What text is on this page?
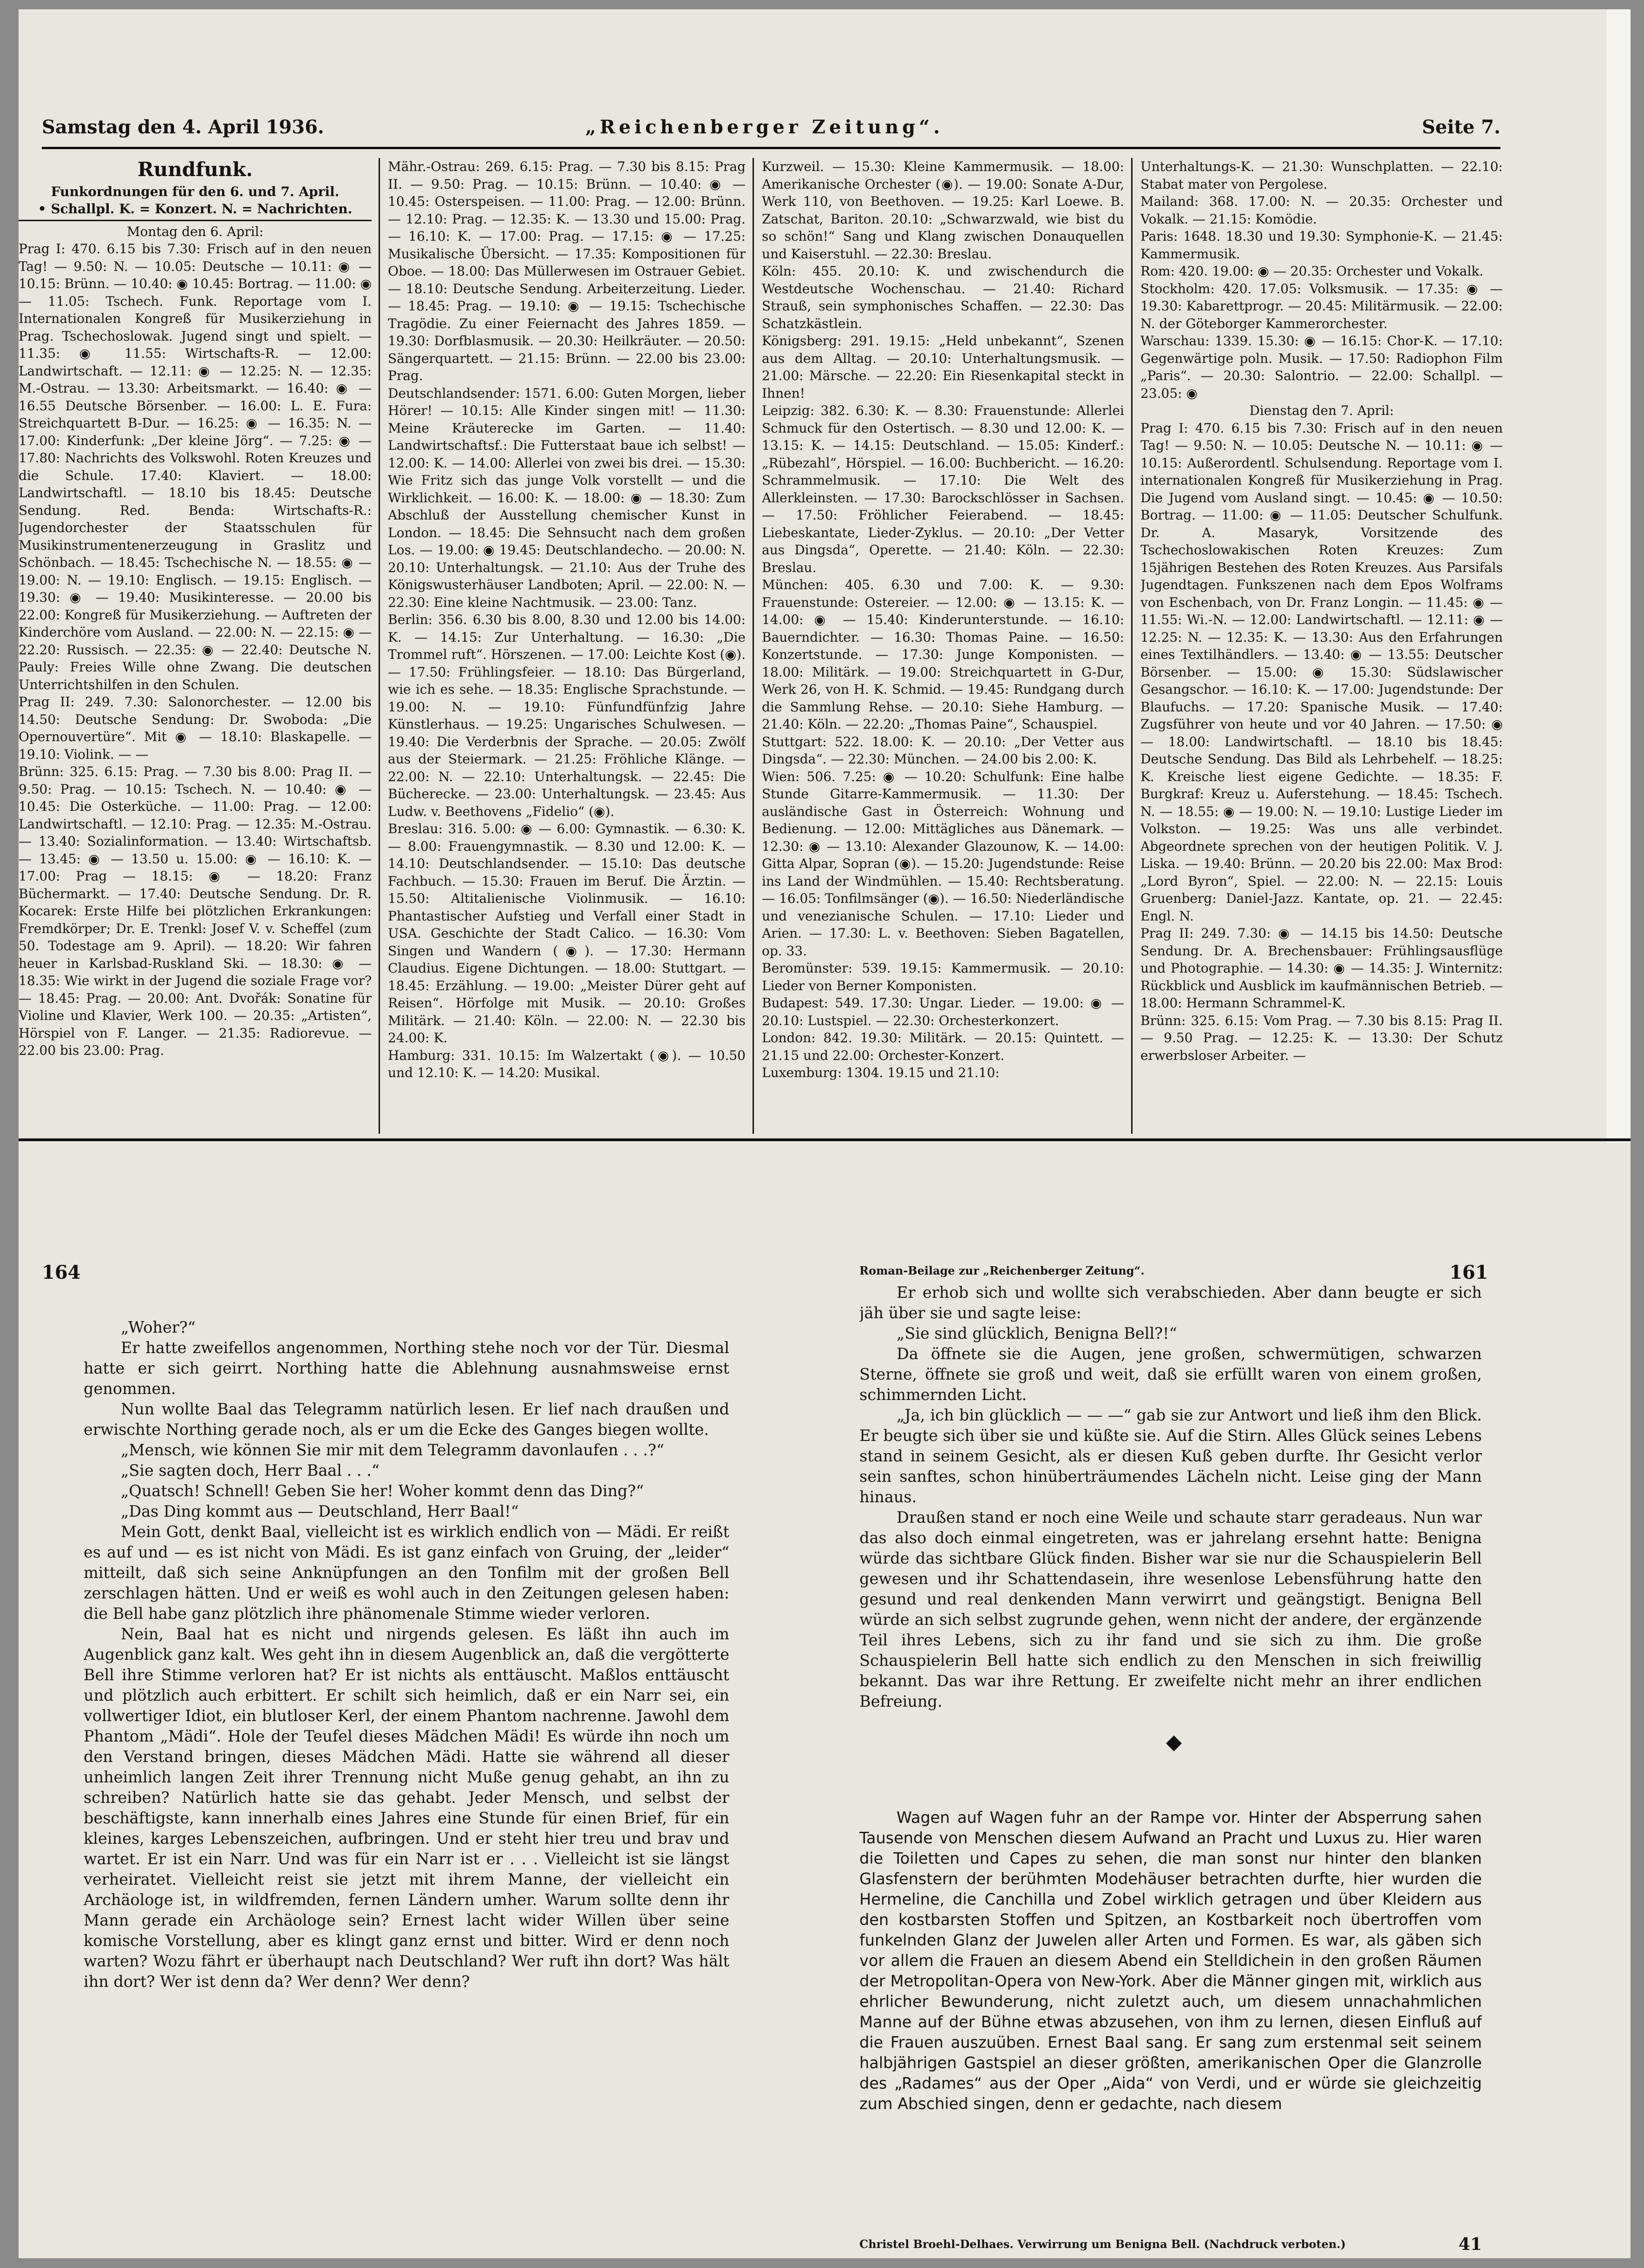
Samstag den 4. April 1936.	„Reichenberger Zeitung“.	Seite 7.
Rundfunk.
Funkordnungen für den 6. und 7. April.
• Schallpl. K. = Konzert. N. = Nachrichten.

Montag den 6. April:

Prag I: 470. 6.15 bis 7.30: Frisch auf in den neuen Tag! — 9.50: N. — 10.05: Deutsche — 10.11: ◉ — 10.15: Brünn. — 10.40: ◉ 10.45: Bortrag. — 11.00: ◉ — 11.05: Tschech. Funk. Reportage vom I. Internationalen Kongreß für Musikerziehung in Prag. Tschechoslowak. Jugend singt und spielt. — 11.35: ◉ 11.55: Wirtschafts-R. — 12.00: Landwirtschaft. — 12.11: ◉ — 12.25: N. — 12.35: M.-Ostrau. — 13.30: Arbeitsmarkt. — 16.40: ◉ — 16.55 Deutsche Börsenber. — 16.00: L. E. Fura: Streichquartett B-Dur. — 16.25: ◉ — 16.35: N. — 17.00: Kinderfunk: „Der kleine Jörg“. — 7.25: ◉ — 17.80: Nachrichts des Volkswohl. Roten Kreuzes und die Schule. 17.40: Klaviert. — 18.00: Landwirtschaftl. — 18.10 bis 18.45: Deutsche Sendung. Red. Benda: Wirtschafts-R.: Jugendorchester der Staatsschulen für Musikinstrumentenerzeugung in Graslitz und Schönbach. — 18.45: Tschechische N. — 18.55: ◉ — 19.00: N. — 19.10: Englisch. — 19.15: Englisch. — 19.30: ◉ — 19.40: Musikinteresse. — 20.00 bis 22.00: Kongreß für Musikerziehung. — Auftreten der Kinderchöre vom Ausland. — 22.00: N. — 22.15: ◉ — 22.20: Russisch. — 22.35: ◉ — 22.40: Deutsche N. Pauly: Freies Wille ohne Zwang. Die deutschen Unterrichtshilfen in den Schulen.

Prag II: 249. 7.30: Salonorchester. — 12.00 bis 14.50: Deutsche Sendung: Dr. Swoboda: „Die Opernouvertüre“. Mit ◉ — 18.10: Blaskapelle. — 19.10: Violink. — —

Brünn: 325. 6.15: Prag. — 7.30 bis 8.00: Prag II. — 9.50: Prag. — 10.15: Tschech. N. — 10.40: ◉ — 10.45: Die Osterküche. — 11.00: Prag. — 12.00: Landwirtschaftl. — 12.10: Prag. — 12.35: M.-Ostrau. — 13.40: Sozialinformation. — 13.40: Wirtschaftsb. — 13.45: ◉ — 13.50 u. 15.00: ◉ — 16.10: K. — 17.00: Prag — 18.15: ◉ — 18.20: Franz Büchermarkt. — 17.40: Deutsche Sendung. Dr. R. Kocarek: Erste Hilfe bei plötzlichen Erkrankungen: Fremdkörper; Dr. E. Trenkl: Josef V. v. Scheffel (zum 50. Todestage am 9. April). — 18.20: Wir fahren heuer in Karlsbad-Ruskland Ski. — 18.30: ◉ — 18.35: Wie wirkt in der Jugend die soziale Frage vor? — 18.45: Prag. — 20.00: Ant. Dvořák: Sonatine für Violine und Klavier, Werk 100. — 20.35: „Artisten“, Hörspiel von F. Langer. — 21.35: Radiorevue. — 22.00 bis 23.00: Prag.

Mähr.-Ostrau: 269. 6.15: Prag. — 7.30 bis 8.15: Prag II. — 9.50: Prag. — 10.15: Brünn. — 10.40: ◉ — 10.45: Osterspeisen. — 11.00: Prag. — 12.00: Brünn. — 12.10: Prag. — 12.35: K. — 13.30 und 15.00: Prag. — 16.10: K. — 17.00: Prag. — 17.15: ◉ — 17.25: Musikalische Übersicht. — 17.35: Kompositionen für Oboe. — 18.00: Das Müllerwesen im Ostrauer Gebiet. — 18.10: Deutsche Sendung. Arbeiterzeitung. Lieder. — 18.45: Prag. — 19.10: ◉ — 19.15: Tschechische Tragödie. Zu einer Feiernacht des Jahres 1859. — 19.30: Dorfblasmusik. — 20.30: Heilkräuter. — 20.50: Sängerquartett. — 21.15: Brünn. — 22.00 bis 23.00: Prag.

Deutschlandsender: 1571. 6.00: Guten Morgen, lieber Hörer! — 10.15: Alle Kinder singen mit! — 11.30: Meine Kräuterecke im Garten. — 11.40: Landwirtschaftsf.: Die Futterstaat baue ich selbst! — 12.00: K. — 14.00: Allerlei von zwei bis drei. — 15.30: Wie Fritz sich das junge Volk vorstellt — und die Wirklichkeit. — 16.00: K. — 18.00: ◉ — 18.30: Zum Abschluß der Ausstellung chemischer Kunst in London. — 18.45: Die Sehnsucht nach dem großen Los. — 19.00: ◉ 19.45: Deutschlandecho. — 20.00: N. 20.10: Unterhaltungsk. — 21.10: Aus der Truhe des Königswusterhäuser Landboten; April. — 22.00: N. — 22.30: Eine kleine Nachtmusik. — 23.00: Tanz.

Berlin: 356. 6.30 bis 8.00, 8.30 und 12.00 bis 14.00: K. — 14.15: Zur Unterhaltung. — 16.30: „Die Trommel ruft“. Hörszenen. — 17.00: Leichte Kost (◉). — 17.50: Frühlingsfeier. — 18.10: Das Bürgerland, wie ich es sehe. — 18.35: Englische Sprachstunde. — 19.00: N. — 19.10: Fünfundfünfzig Jahre Künstlerhaus. — 19.25: Ungarisches Schulwesen. — 19.40: Die Verderbnis der Sprache. — 20.05: Zwölf aus der Steiermark. — 21.25: Fröhliche Klänge. — 22.00: N. — 22.10: Unterhaltungsk. — 22.45: Die Bücherecke. — 23.00: Unterhaltungsk. — 23.45: Aus Ludw. v. Beethovens „Fidelio“ (◉).

Breslau: 316. 5.00: ◉ — 6.00: Gymnastik. — 6.30: K. — 8.00: Frauengymnastik. — 8.30 und 12.00: K. — 14.10: Deutschlandsender. — 15.10: Das deutsche Fachbuch. — 15.30: Frauen im Beruf. Die Ärztin. — 15.50: Altitalienische Violinmusik. — 16.10: Phantastischer Aufstieg und Verfall einer Stadt in USA. Geschichte der Stadt Calico. — 16.30: Vom Singen und Wandern (◉). — 17.30: Hermann Claudius. Eigene Dichtungen. — 18.00: Stuttgart. — 18.45: Erzählung. — 19.00: „Meister Dürer geht auf Reisen“. Hörfolge mit Musik. — 20.10: Großes Militärk. — 21.40: Köln. — 22.00: N. — 22.30 bis 24.00: K.

Hamburg: 331. 10.15: Im Walzertakt (◉). — 10.50 und 12.10: K. — 14.20: Musikal.

Kurzweil. — 15.30: Kleine Kammermusik. — 18.00: Amerikanische Orchester (◉). — 19.00: Sonate A-Dur, Werk 110, von Beethoven. — 19.25: Karl Loewe. B. Zatschat, Bariton. 20.10: „Schwarzwald, wie bist du so schön!“ Sang und Klang zwischen Donauquellen und Kaiserstuhl. — 22.30: Breslau.

Köln: 455. 20.10: K. und zwischendurch die Westdeutsche Wochenschau. — 21.40: Richard Strauß, sein symphonisches Schaffen. — 22.30: Das Schatzkästlein.

Königsberg: 291. 19.15: „Held unbekannt“, Szenen aus dem Alltag. — 20.10: Unterhaltungsmusik. — 21.00: Märsche. — 22.20: Ein Riesenkapital steckt in Ihnen!

Leipzig: 382. 6.30: K. — 8.30: Frauenstunde: Allerlei Schmuck für den Ostertisch. — 8.30 und 12.00: K. — 13.15: K. — 14.15: Deutschland. — 15.05: Kinderf.: „Rübezahl“, Hörspiel. — 16.00: Buchbericht. — 16.20: Schrammelmusik. — 17.10: Die Welt des Allerkleinsten. — 17.30: Barockschlösser in Sachsen. — 17.50: Fröhlicher Feierabend. — 18.45: Liebeskantate, Lieder-Zyklus. — 20.10: „Der Vetter aus Dingsda“, Operette. — 21.40: Köln. — 22.30: Breslau.

München: 405. 6.30 und 7.00: K. — 9.30: Frauenstunde: Ostereier. — 12.00: ◉ — 13.15: K. — 14.00: ◉ — 15.40: Kinderunterstunde. — 16.10: Bauerndichter. — 16.30: Thomas Paine. — 16.50: Konzertstunde. — 17.30: Junge Komponisten. — 18.00: Militärk. — 19.00: Streichquartett in G-Dur, Werk 26, von H. K. Schmid. — 19.45: Rundgang durch die Sammlung Rehse. — 20.10: Siehe Hamburg. — 21.40: Köln. — 22.20: „Thomas Paine“, Schauspiel.

Stuttgart: 522. 18.00: K. — 20.10: „Der Vetter aus Dingsda“. — 22.30: München. — 24.00 bis 2.00: K.

Wien: 506. 7.25: ◉ — 10.20: Schulfunk: Eine halbe Stunde Gitarre-Kammermusik. — 11.30: Der ausländische Gast in Österreich: Wohnung und Bedienung. — 12.00: Mittägliches aus Dänemark. — 12.30: ◉ — 13.10: Alexander Glazounow, K. — 14.00: Gitta Alpar, Sopran (◉). — 15.20: Jugendstunde: Reise ins Land der Windmühlen. — 15.40: Rechtsberatung. — 16.05: Tonfilmsänger (◉). — 16.50: Niederländische und venezianische Schulen. — 17.10: Lieder und Arien. — 17.30: L. v. Beethoven: Sieben Bagatellen, op. 33.

Beromünster: 539. 19.15: Kammermusik. — 20.10: Lieder von Berner Komponisten.

Budapest: 549. 17.30: Ungar. Lieder. — 19.00: ◉ — 20.10: Lustspiel. — 22.30: Orchesterkonzert.

London: 842. 19.30: Militärk. — 20.15: Quintett. — 21.15 und 22.00: Orchester-Konzert.

Luxemburg: 1304. 19.15 und 21.10:

Unterhaltungs-K. — 21.30: Wunschplatten. — 22.10: Stabat mater von Pergolese.

Mailand: 368. 17.00: N. — 20.35: Orchester und Vokalk. — 21.15: Komödie.

Paris: 1648. 18.30 und 19.30: Symphonie-K. — 21.45: Kammermusik.

Rom: 420. 19.00: ◉ — 20.35: Orchester und Vokalk.

Stockholm: 420. 17.05: Volksmusik. — 17.35: ◉ — 19.30: Kabarettprogr. — 20.45: Militärmusik. — 22.00: N. der Göteborger Kammerorchester.

Warschau: 1339. 15.30: ◉ — 16.15: Chor-K. — 17.10: Gegenwärtige poln. Musik. — 17.50: Radiophon Film „Paris“. — 20.30: Salontrio. — 22.00: Schallpl. — 23.05: ◉

Dienstag den 7. April:

Prag I: 470. 6.15 bis 7.30: Frisch auf in den neuen Tag! — 9.50: N. — 10.05: Deutsche N. — 10.11: ◉ — 10.15: Außerordentl. Schulsendung. Reportage vom I. internationalen Kongreß für Musikerziehung in Prag. Die Jugend vom Ausland singt. — 10.45: ◉ — 10.50: Bortrag. — 11.00: ◉ — 11.05: Deutscher Schulfunk. Dr. A. Masaryk, Vorsitzende des Tschechoslowakischen Roten Kreuzes: Zum 15jährigen Bestehen des Roten Kreuzes. Aus Parsifals Jugendtagen. Funkszenen nach dem Epos Wolframs von Eschenbach, von Dr. Franz Longin. — 11.45: ◉ — 11.55: Wi.-N. — 12.00: Landwirtschaftl. — 12.11: ◉ — 12.25: N. — 12.35: K. — 13.30: Aus den Erfahrungen eines Textilhändlers. — 13.40: ◉ — 13.55: Deutscher Börsenber. — 15.00: ◉ 15.30: Südslawischer Gesangschor. — 16.10: K. — 17.00: Jugendstunde: Der Blaufuchs. — 17.20: Spanische Musik. — 17.40: Zugsführer von heute und vor 40 Jahren. — 17.50: ◉ — 18.00: Landwirtschaftl. — 18.10 bis 18.45: Deutsche Sendung. Das Bild als Lehrbehelf. — 18.25: K. Kreische liest eigene Gedichte. — 18.35: F. Burgkraf: Kreuz u. Auferstehung. — 18.45: Tschech. N. — 18.55: ◉ — 19.00: N. — 19.10: Lustige Lieder im Volkston. — 19.25: Was uns alle verbindet. Abgeordnete sprechen von der heutigen Politik. V. J. Liska. — 19.40: Brünn. — 20.20 bis 22.00: Max Brod: „Lord Byron“, Spiel. — 22.00: N. — 22.15: Louis Gruenberg: Daniel-Jazz. Kantate, op. 21. — 22.45: Engl. N.

Prag II: 249. 7.30: ◉ — 14.15 bis 14.50: Deutsche Sendung. Dr. A. Brechensbauer: Frühlingsausflüge und Photographie. — 14.30: ◉ — 14.35: J. Winternitz: Rückblick und Ausblick im kaufmännischen Betrieb. — 18.00: Hermann Schrammel-K.

Brünn: 325. 6.15: Vom Prag. — 7.30 bis 8.15: Prag II. — 9.50 Prag. — 12.25: K. — 13.30: Der Schutz erwerbsloser Arbeiter. —

164	Roman-Beilage zur „Reichenberger Zeitung“.	161

„Woher?“

Er hatte zweifellos angenommen, Northing stehe noch vor der Tür. Diesmal hatte er sich geirrt. Northing hatte die Ablehnung ausnahmsweise ernst genommen.

Nun wollte Baal das Telegramm natürlich lesen. Er lief nach draußen und erwischte Northing gerade noch, als er um die Ecke des Ganges biegen wollte.

„Mensch, wie können Sie mir mit dem Telegramm davonlaufen . . .?“

„Sie sagten doch, Herr Baal . . .“

„Quatsch! Schnell! Geben Sie her! Woher kommt denn das Ding?“

„Das Ding kommt aus — Deutschland, Herr Baal!“

Mein Gott, denkt Baal, vielleicht ist es wirklich endlich von — Mädi. Er reißt es auf und — es ist nicht von Mädi. Es ist ganz einfach von Gruing, der „leider“ mitteilt, daß sich seine Anknüpfungen an den Tonfilm mit der großen Bell zerschlagen hätten. Und er weiß es wohl auch in den Zeitungen gelesen haben: die Bell habe ganz plötzlich ihre phänomenale Stimme wieder verloren.

Nein, Baal hat es nicht und nirgends gelesen. Es läßt ihn auch im Augenblick ganz kalt. Wes geht ihn in diesem Augenblick an, daß die vergötterte Bell ihre Stimme verloren hat? Er ist nichts als enttäuscht. Maßlos enttäuscht und plötzlich auch erbittert. Er schilt sich heimlich, daß er ein Narr sei, ein vollwertiger Idiot, ein blutloser Kerl, der einem Phantom nachrenne. Jawohl dem Phantom „Mädi“. Hole der Teufel dieses Mädchen Mädi! Es würde ihn noch um den Verstand bringen, dieses Mädchen Mädi. Hatte sie während all dieser unheimlich langen Zeit ihrer Trennung nicht Muße genug gehabt, an ihn zu schreiben? Natürlich hatte sie das gehabt. Jeder Mensch, und selbst der beschäftigste, kann innerhalb eines Jahres eine Stunde für einen Brief, für ein kleines, karges Lebenszeichen, aufbringen. Und er steht hier treu und brav und wartet. Er ist ein Narr. Und was für ein Narr ist er . . . Vielleicht ist sie längst verheiratet. Vielleicht reist sie jetzt mit ihrem Manne, der vielleicht ein Archäologe ist, in wildfremden, fernen Ländern umher. Warum sollte denn ihr Mann gerade ein Archäologe sein? Ernest lacht wider Willen über seine komische Vorstellung, aber es klingt ganz ernst und bitter. Wird er denn noch warten? Wozu fährt er überhaupt nach Deutschland? Wer ruft ihn dort? Was hält ihn dort? Wer ist denn da? Wer denn? Wer denn?

Er erhob sich und wollte sich verabschieden. Aber dann beugte er sich jäh über sie und sagte leise:

„Sie sind glücklich, Benigna Bell?!“

Da öffnete sie die Augen, jene großen, schwermütigen, schwarzen Sterne, öffnete sie groß und weit, daß sie erfüllt waren von einem großen, schimmernden Licht.

„Ja, ich bin glücklich — — —“ gab sie zur Antwort und ließ ihm den Blick. Er beugte sich über sie und küßte sie. Auf die Stirn. Alles Glück seines Lebens stand in seinem Gesicht, als er diesen Kuß geben durfte. Ihr Gesicht verlor sein sanftes, schon hinüberträumendes Lächeln nicht. Leise ging der Mann hinaus.

Draußen stand er noch eine Weile und schaute starr geradeaus. Nun war das also doch einmal eingetreten, was er jahrelang ersehnt hatte: Benigna würde das sichtbare Glück finden. Bisher war sie nur die Schauspielerin Bell gewesen und ihr Schattendasein, ihre wesenlose Lebensführung hatte den gesund und real denkenden Mann verwirrt und geängstigt. Benigna Bell würde an sich selbst zugrunde gehen, wenn nicht der andere, der ergänzende Teil ihres Lebens, sich zu ihr fand und sie sich zu ihm. Die große Schauspielerin Bell hatte sich endlich zu den Menschen in sich freiwillig bekannt. Das war ihre Rettung. Er zweifelte nicht mehr an ihrer endlichen Befreiung.

Wagen auf Wagen fuhr an der Rampe vor. Hinter der Absperrung sahen Tausende von Menschen diesem Aufwand an Pracht und Luxus zu. Hier waren die Toiletten und Capes zu sehen, die man sonst nur hinter den blanken Glasfenstern der berühmten Modehäuser betrachten durfte, hier wurden die Hermeline, die Canchilla und Zobel wirklich getragen und über Kleidern aus den kostbarsten Stoffen und Spitzen, an Kostbarkeit noch übertroffen vom funkelnden Glanz der Juwelen aller Arten und Formen. Es war, als gäben sich vor allem die Frauen an diesem Abend ein Stelldichein in den großen Räumen der Metropolitan-Opera von New-York. Aber die Männer gingen mit, wirklich aus ehrlicher Bewunderung, nicht zuletzt auch, um diesem unnachahmlichen Manne auf der Bühne etwas abzusehen, von ihm zu lernen, diesen Einfluß auf die Frauen auszuüben. Ernest Baal sang. Er sang zum erstenmal seit seinem halbjährigen Gastspiel an dieser größten, amerikanischen Oper die Glanzrolle des „Radames“ aus der Oper „Aida“ von Verdi, und er würde sie gleichzeitig zum Abschied singen, denn er gedachte, nach diesem

Christel Broehl-Delhaes. Verwirrung um Benigna Bell. (Nachdruck verboten.)	41
